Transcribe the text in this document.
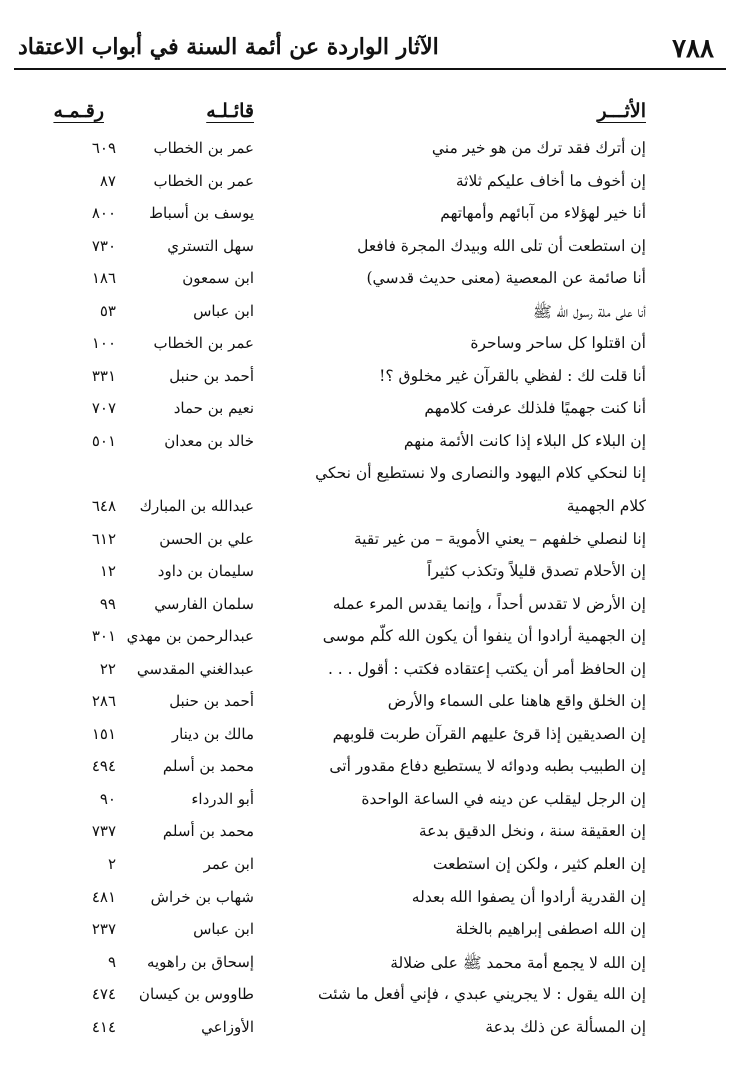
٧٨٨
الآثار الواردة عن أئمة السنة في أبواب الاعتقاد
الأثـــر
قائـلـه
رقـمـه
إن أترك فقد ترك من هو خير مني
عمر بن الخطاب
٦٠٩
إن أخوف ما أخاف عليكم ثلاثة
عمر بن الخطاب
٨٧
أنا خير لهؤلاء من آبائهم وأمهاتهم
يوسف بن أسباط
٨٠٠
إن استطعت أن تلى الله وبيدك المجرة فافعل
سهل التستري
٧٣٠
أنا صائمة عن المعصية (معنى حديث قدسي)
ابن سمعون
١٨٦
أنا على ملة رسول الله ﷺ
ابن عباس
٥٣
أن اقتلوا كل ساحر وساحرة
عمر بن الخطاب
١٠٠
أنا قلت لك : لفظي بالقرآن غير مخلوق ؟!
أحمد بن حنبل
٣٣١
أنا كنت جهميًا فلذلك عرفت كلامهم
نعيم بن حماد
٧٠٧
إن البلاء كل البلاء إذا كانت الأئمة منهم
خالد بن معدان
٥٠١
إنا لنحكي كلام اليهود والنصارى ولا نستطيع أن نحكي
كلام الجهمية
عبدالله بن المبارك
٦٤٨
إنا لنصلي خلفهم – يعني الأموية – من غير تقية
علي بن الحسن
٦١٢
إن الأحلام تصدق قليلاً وتكذب كثيراً
سليمان بن داود
١٢
إن الأرض لا تقدس أحداً ، وإنما يقدس المرء عمله
سلمان الفارسي
٩٩
إن الجهمية أرادوا أن ينفوا أن يكون الله كلّم موسى
عبدالرحمن بن مهدي
٣٠١
إن الحافظ أمر أن يكتب إعتقاده فكتب : أقول . . .
عبدالغني المقدسي
٢٢
إن الخلق واقع هاهنا على السماء والأرض
أحمد بن حنبل
٢٨٦
إن الصديقين إذا قرئ عليهم القرآن طربت قلوبهم
مالك بن دينار
١٥١
إن الطبيب بطبه ودوائه لا يستطيع دفاع مقدور أتى
محمد بن أسلم
٤٩٤
إن الرجل ليقلب عن دينه في الساعة الواحدة
أبو الدرداء
٩٠
إن العقيقة سنة ، ونخل الدقيق بدعة
محمد بن أسلم
٧٣٧
إن العلم كثير ، ولكن إن استطعت
ابن عمر
٢
إن القدرية أرادوا أن يصفوا الله بعدله
شهاب بن خراش
٤٨١
إن الله اصطفى إبراهيم بالخلة
ابن عباس
٢٣٧
إن الله لا يجمع أمة محمد ﷺ على ضلالة
إسحاق بن راهويه
٩
إن الله يقول : لا يجريني عبدي ، فإني أفعل ما شئت
طاووس بن كيسان
٤٧٤
إن المسألة عن ذلك بدعة
الأوزاعي
٤١٤
